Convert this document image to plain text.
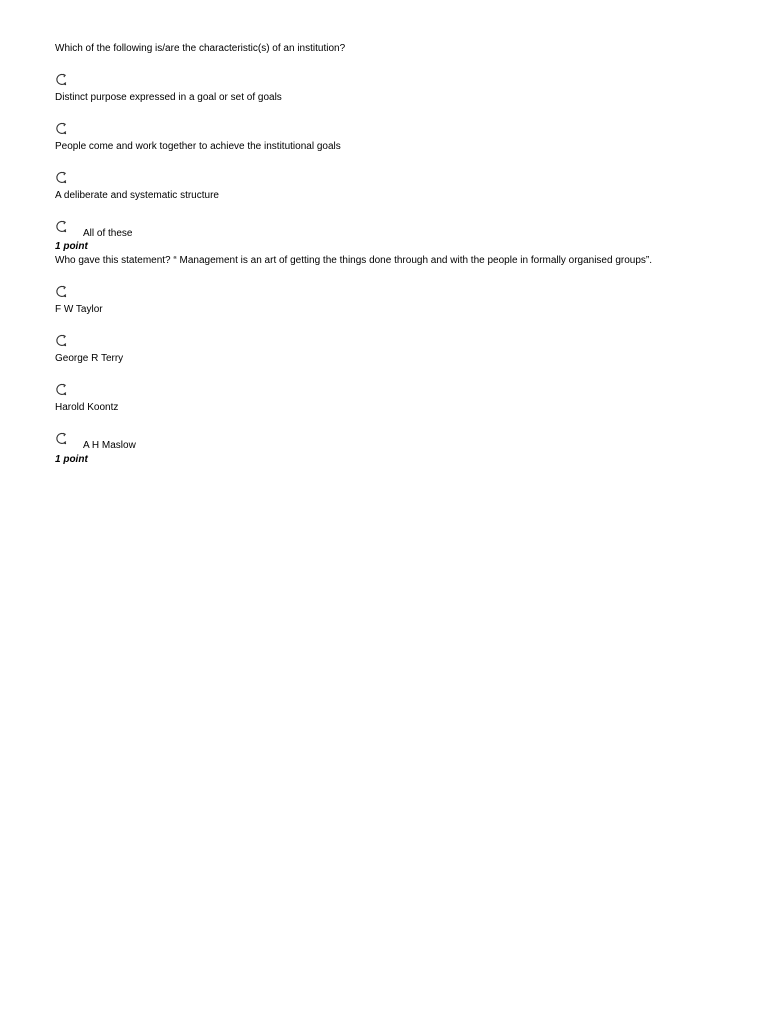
Which of the following is/are the characteristic(s) of an institution?
Distinct purpose expressed in a goal or set of goals
People come and work together to achieve the institutional goals
A deliberate and systematic structure
All of these
1 point
Who gave this statement? “ Management is an art of getting the things done through and with the people in formally organised groups”.
F W Taylor
George R Terry
Harold Koontz
A H Maslow
1 point
